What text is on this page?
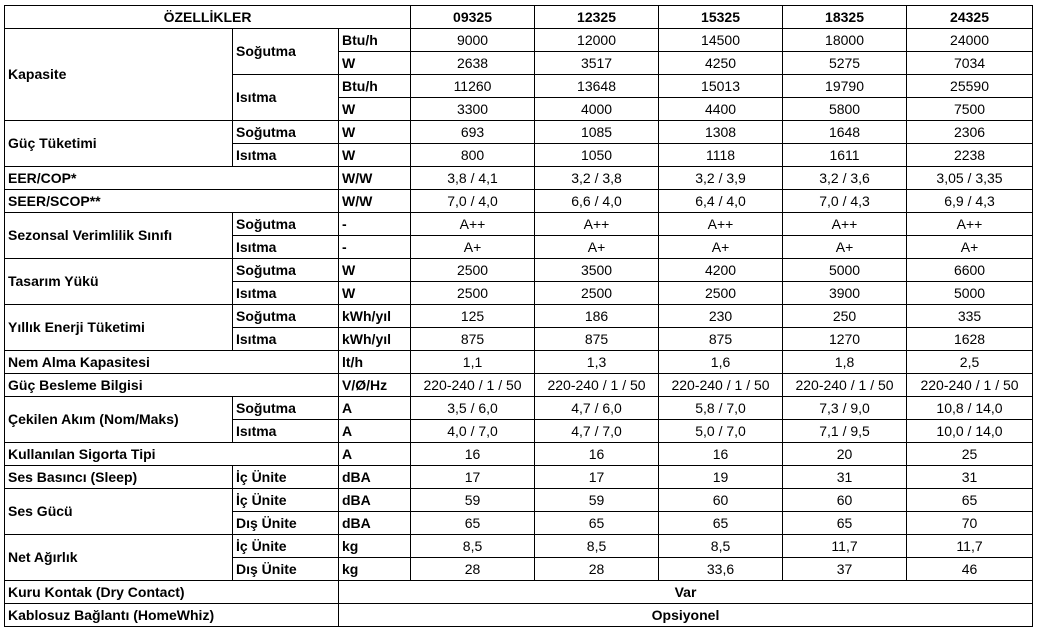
ÖZELLİKLER			09325	12325	15325	18325	24325
Kapasite	Soğutma	Btu/h	9000	12000	14500	18000	24000
		W	2638	3517	4250	5275	7034
	Isıtma	Btu/h	11260	13648	15013	19790	25590
		W	3300	4000	4400	5800	7500
Güç Tüketimi	Soğutma	W	693	1085	1308	1648	2306
	Isıtma	W	800	1050	1118	1611	2238
EER/COP*		W/W	3,8 / 4,1	3,2 / 3,8	3,2 / 3,9	3,2 / 3,6	3,05 / 3,35
SEER/SCOP**		W/W	7,0 / 4,0	6,6 / 4,0	6,4 / 4,0	7,0 / 4,3	6,9 / 4,3
Sezonsal Verimlilik Sınıfı	Soğutma	-	A++	A++	A++	A++	A++
	Isıtma	-	A+	A+	A+	A+	A+
Tasarım Yükü	Soğutma	W	2500	3500	4200	5000	6600
	Isıtma	W	2500	2500	2500	3900	5000
Yıllık Enerji Tüketimi	Soğutma	kWh/yıl	125	186	230	250	335
	Isıtma	kWh/yıl	875	875	875	1270	1628
Nem Alma Kapasitesi		lt/h	1,1	1,3	1,6	1,8	2,5
Güç Besleme Bilgisi		V/Ø/Hz	220-240 / 1 / 50	220-240 / 1 / 50	220-240 / 1 / 50	220-240 / 1 / 50	220-240 / 1 / 50
Çekilen Akım (Nom/Maks)	Soğutma	A	3,5 / 6,0	4,7 / 6,0	5,8 / 7,0	7,3 / 9,0	10,8 / 14,0
	Isıtma	A	4,0 / 7,0	4,7 / 7,0	5,0 / 7,0	7,1 / 9,5	10,0 / 14,0
Kullanılan Sigorta Tipi		A	16	16	16	20	25
Ses Basıncı (Sleep)	İç Ünite	dBA	17	17	19	31	31
Ses Gücü	İç Ünite	dBA	59	59	60	60	65
	Dış Ünite	dBA	65	65	65	65	70
Net Ağırlık	İç Ünite	kg	8,5	8,5	8,5	11,7	11,7
	Dış Ünite	kg	28	28	33,6	37	46
Kuru Kontak (Dry Contact)		Var					
Kablosuz Bağlantı (HomeWhiz)		Opsiyonel					
